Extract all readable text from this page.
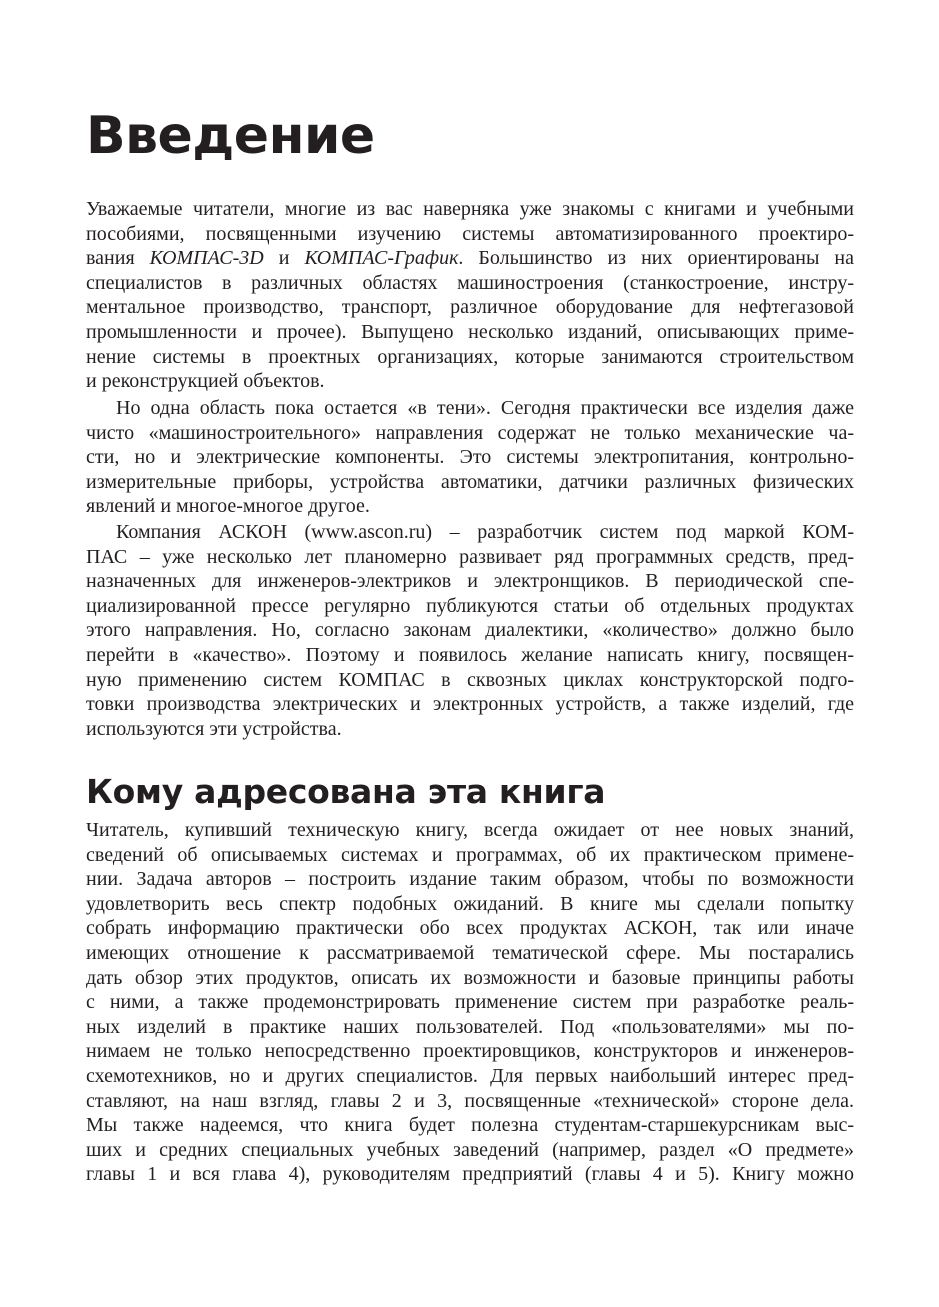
Введение
Уважаемые читатели, многие из вас наверняка уже знакомы с книгами и учебными
пособиями, посвященными изучению системы автоматизированного проектиро-
вания КОМПАС-3D и КОМПАС-График. Большинство из них ориентированы на
специалистов в различных областях машиностроения (станкостроение, инстру-
ментальное производство, транспорт, различное оборудование для нефтегазовой
промышленности и прочее). Выпущено несколько изданий, описывающих приме-
нение системы в проектных организациях, которые занимаются строительством
и реконструкцией объектов.
Но одна область пока остается «в тени». Сегодня практически все изделия даже
чисто «машиностроительного» направления содержат не только механические ча-
сти, но и электрические компоненты. Это системы электропитания, контрольно-
измерительные приборы, устройства автоматики, датчики различных физических
явлений и многое-многое другое.
Компания АСКОН (www.ascon.ru) – разработчик систем под маркой КОМ-
ПАС – уже несколько лет планомерно развивает ряд программных средств, пред-
назначенных для инженеров-электриков и электронщиков. В периодической спе-
циализированной прессе регулярно публикуются статьи об отдельных продуктах
этого направления. Но, согласно законам диалектики, «количество» должно было
перейти в «качество». Поэтому и появилось желание написать книгу, посвящен-
ную применению систем КОМПАС в сквозных циклах конструкторской подго-
товки производства электрических и электронных устройств, а также изделий, где
используются эти устройства.
Кому адресована эта книга
Читатель, купивший техническую книгу, всегда ожидает от нее новых знаний,
сведений об описываемых системах и программах, об их практическом примене-
нии. Задача авторов – построить издание таким образом, чтобы по возможности
удовлетворить весь спектр подобных ожиданий. В книге мы сделали попытку
собрать информацию практически обо всех продуктах АСКОН, так или иначе
имеющих отношение к рассматриваемой тематической сфере. Мы постарались
дать обзор этих продуктов, описать их возможности и базовые принципы работы
с ними, а также продемонстрировать применение систем при разработке реаль-
ных изделий в практике наших пользователей. Под «пользователями» мы по-
нимаем не только непосредственно проектировщиков, конструкторов и инженеров-
схемотехников, но и других специалистов. Для первых наибольший интерес пред-
ставляют, на наш взгляд, главы 2 и 3, посвященные «технической» стороне дела.
Мы также надеемся, что книга будет полезна студентам-старшекурсникам выс-
ших и средних специальных учебных заведений (например, раздел «О предмете»
главы 1 и вся глава 4), руководителям предприятий (главы 4 и 5). Книгу можно
